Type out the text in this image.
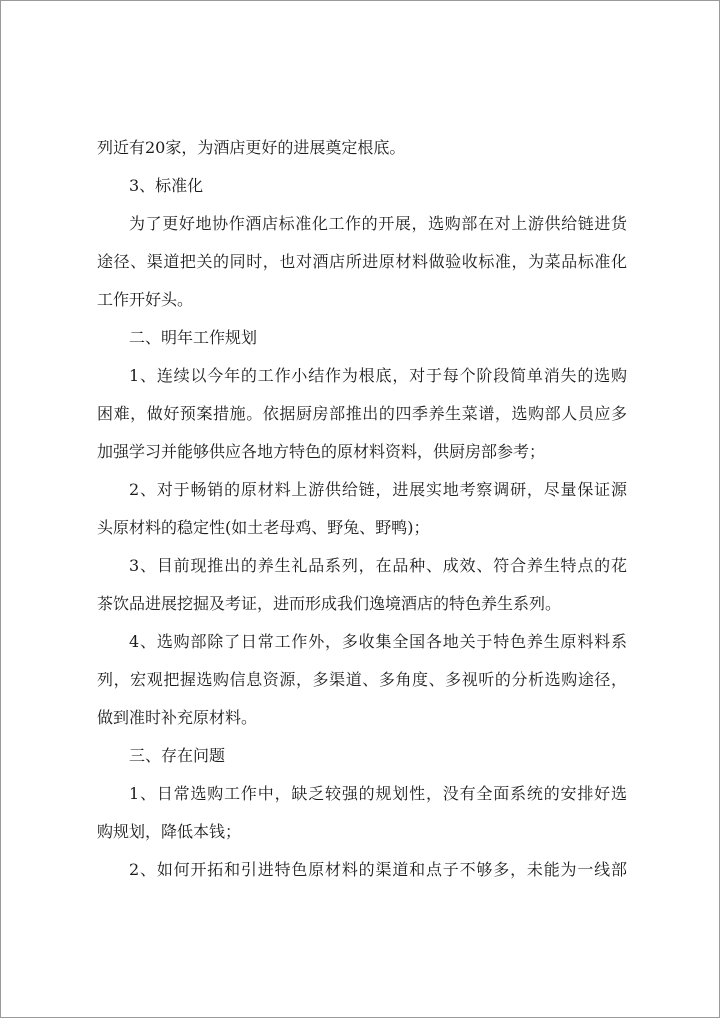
列近有20家，为酒店更好的进展奠定根底。
3、标准化
为了更好地协作酒店标准化工作的开展，选购部在对上游供给链进货
途径、渠道把关的同时，也对酒店所进原材料做验收标准，为菜品标准化
工作开好头。
二、明年工作规划
1、连续以今年的工作小结作为根底，对于每个阶段简单消失的选购
困难，做好预案措施。依据厨房部推出的四季养生菜谱，选购部人员应多
加强学习并能够供应各地方特色的原材料资料，供厨房部参考；
2、对于畅销的原材料上游供给链，进展实地考察调研，尽量保证源
头原材料的稳定性(如土老母鸡、野兔、野鸭)；
3、目前现推出的养生礼品系列，在品种、成效、符合养生特点的花
茶饮品进展挖掘及考证，进而形成我们逸境酒店的特色养生系列。
4、选购部除了日常工作外，多收集全国各地关于特色养生原料料系
列，宏观把握选购信息资源，多渠道、多角度、多视听的分析选购途径，
做到准时补充原材料。
三、存在问题
1、日常选购工作中，缺乏较强的规划性，没有全面系统的安排好选
购规划，降低本钱；
2、如何开拓和引进特色原材料的渠道和点子不够多，未能为一线部
